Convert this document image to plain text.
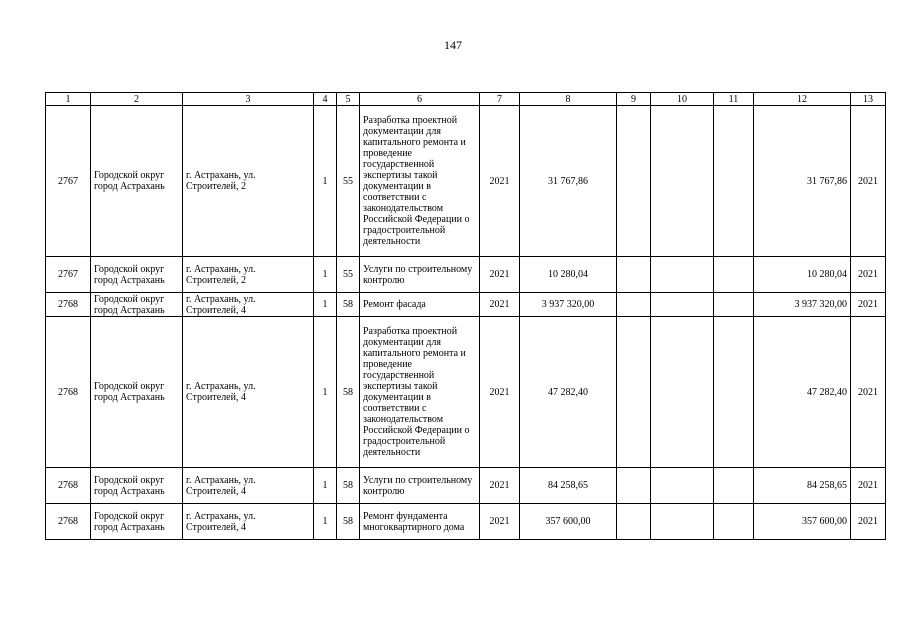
147
1	2	3	4	5	6	7	8	9	10	11	12	13
2767	Городской округ город Астрахань	г. Астрахань, ул. Строителей, 2	1	55	Разработка проектной документации для капитального ремонта и проведение государственной экспертизы такой документации в соответствии с законодательством Российской Федерации о градостроительной деятельности	2021	31 767,86				31 767,86	2021
2767	Городской округ город Астрахань	г. Астрахань, ул. Строителей, 2	1	55	Услуги по строительному контролю	2021	10 280,04				10 280,04	2021
2768	Городской округ город Астрахань	г. Астрахань, ул. Строителей, 4	1	58	Ремонт фасада	2021	3 937 320,00				3 937 320,00	2021
2768	Городской округ город Астрахань	г. Астрахань, ул. Строителей, 4	1	58	Разработка проектной документации для капитального ремонта и проведение государственной экспертизы такой документации в соответствии с законодательством Российской Федерации о градостроительной деятельности	2021	47 282,40				47 282,40	2021
2768	Городской округ город Астрахань	г. Астрахань, ул. Строителей, 4	1	58	Услуги по строительному контролю	2021	84 258,65				84 258,65	2021
2768	Городской округ город Астрахань	г. Астрахань, ул. Строителей, 4	1	58	Ремонт фундамента многоквартирного дома	2021	357 600,00				357 600,00	2021
